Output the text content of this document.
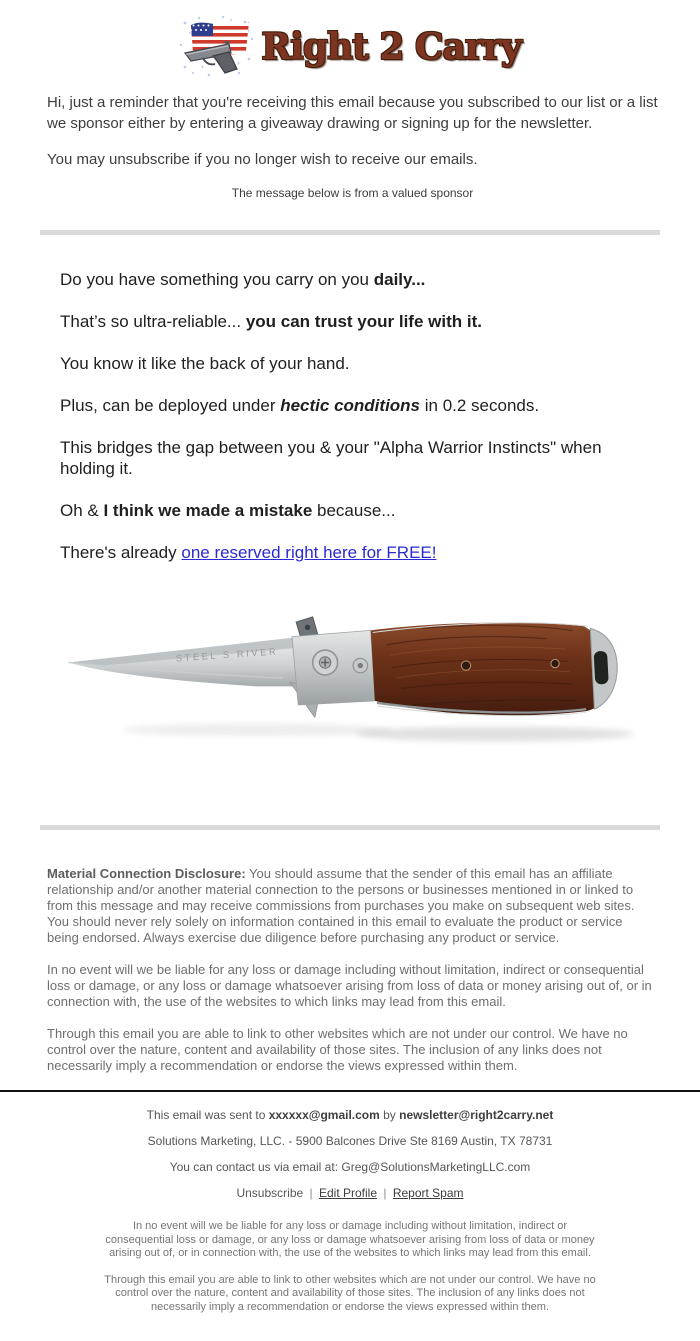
Right 2 Carry

Hi, just a reminder that you're receiving this email because you subscribed to our list or a list we sponsor either by entering a giveaway drawing or signing up for the newsletter.

You may unsubscribe if you no longer wish to receive our emails.

The message below is from a valued sponsor

Do you have something you carry on you daily...

That’s so ultra-reliable... you can trust your life with it.

You know it like the back of your hand.

Plus, can be deployed under hectic conditions in 0.2 seconds.

This bridges the gap between you & your "Alpha Warrior Instincts" when holding it.

Oh & I think we made a mistake because...

There's already one reserved right here for FREE!

STEEL S RIVER

Material Connection Disclosure: You should assume that the sender of this email has an affiliate relationship and/or another material connection to the persons or businesses mentioned in or linked to from this message and may receive commissions from purchases you make on subsequent web sites. You should never rely solely on information contained in this email to evaluate the product or service being endorsed. Always exercise due diligence before purchasing any product or service.

In no event will we be liable for any loss or damage including without limitation, indirect or consequential loss or damage, or any loss or damage whatsoever arising from loss of data or money arising out of, or in connection with, the use of the websites to which links may lead from this email.

Through this email you are able to link to other websites which are not under our control. We have no control over the nature, content and availability of those sites. The inclusion of any links does not necessarily imply a recommendation or endorse the views expressed within them.

This email was sent to xxxxxx@gmail.com by newsletter@right2carry.net

Solutions Marketing, LLC. - 5900 Balcones Drive Ste 8169 Austin, TX 78731

You can contact us via email at: Greg@SolutionsMarketingLLC.com

Unsubscribe | Edit Profile | Report Spam

In no event will we be liable for any loss or damage including without limitation, indirect or consequential loss or damage, or any loss or damage whatsoever arising from loss of data or money arising out of, or in connection with, the use of the websites to which links may lead from this email.

Through this email you are able to link to other websites which are not under our control. We have no control over the nature, content and availability of those sites. The inclusion of any links does not necessarily imply a recommendation or endorse the views expressed within them.
